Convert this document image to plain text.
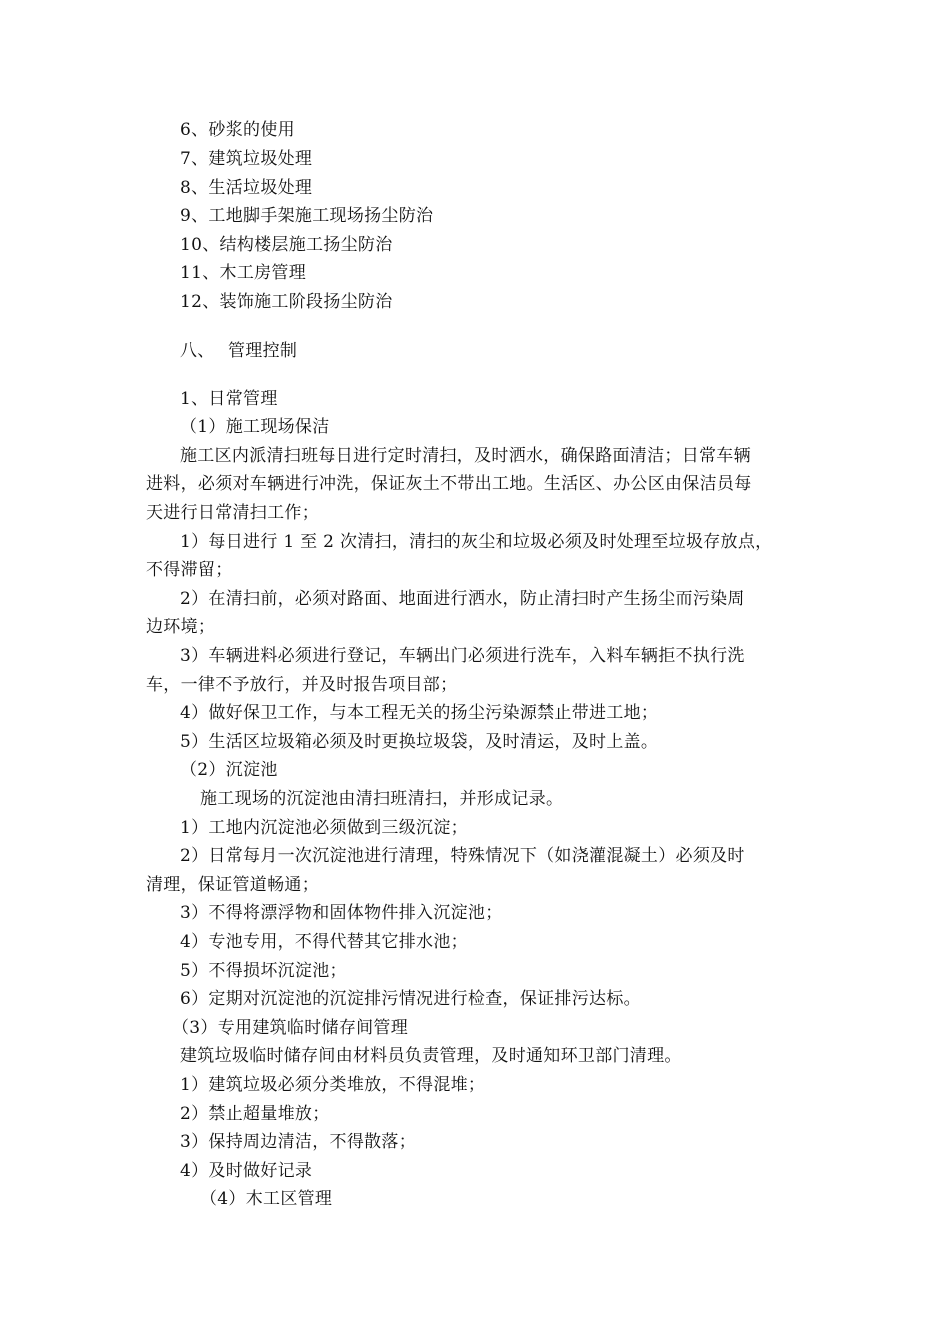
6、砂浆的使用
7、建筑垃圾处理
8、生活垃圾处理
9、工地脚手架施工现场扬尘防治
10、结构楼层施工扬尘防治
11、木工房管理
12、装饰施工阶段扬尘防治
八、 管理控制
1、日常管理
（1）施工现场保洁
施工区内派清扫班每日进行定时清扫，及时洒水，确保路面清洁；日常车辆
进料，必须对车辆进行冲洗，保证灰土不带出工地。生活区、办公区由保洁员每
天进行日常清扫工作；
1）每日进行 1 至 2 次清扫，清扫的灰尘和垃圾必须及时处理至垃圾存放点，
不得滞留；
2）在清扫前，必须对路面、地面进行洒水，防止清扫时产生扬尘而污染周
边环境；
3）车辆进料必须进行登记，车辆出门必须进行洗车，入料车辆拒不执行洗
车，一律不予放行，并及时报告项目部；
4）做好保卫工作，与本工程无关的扬尘污染源禁止带进工地；
5）生活区垃圾箱必须及时更换垃圾袋，及时清运，及时上盖。
（2）沉淀池
施工现场的沉淀池由清扫班清扫，并形成记录。
1）工地内沉淀池必须做到三级沉淀；
2）日常每月一次沉淀池进行清理，特殊情况下（如浇灌混凝土）必须及时
清理，保证管道畅通；
3）不得将漂浮物和固体物件排入沉淀池；
4）专池专用，不得代替其它排水池；
5）不得损坏沉淀池；
6）定期对沉淀池的沉淀排污情况进行检查，保证排污达标。
（3）专用建筑临时储存间管理
建筑垃圾临时储存间由材料员负责管理，及时通知环卫部门清理。
1）建筑垃圾必须分类堆放，不得混堆；
2）禁止超量堆放；
3）保持周边清洁，不得散落；
4）及时做好记录
（4）木工区管理
